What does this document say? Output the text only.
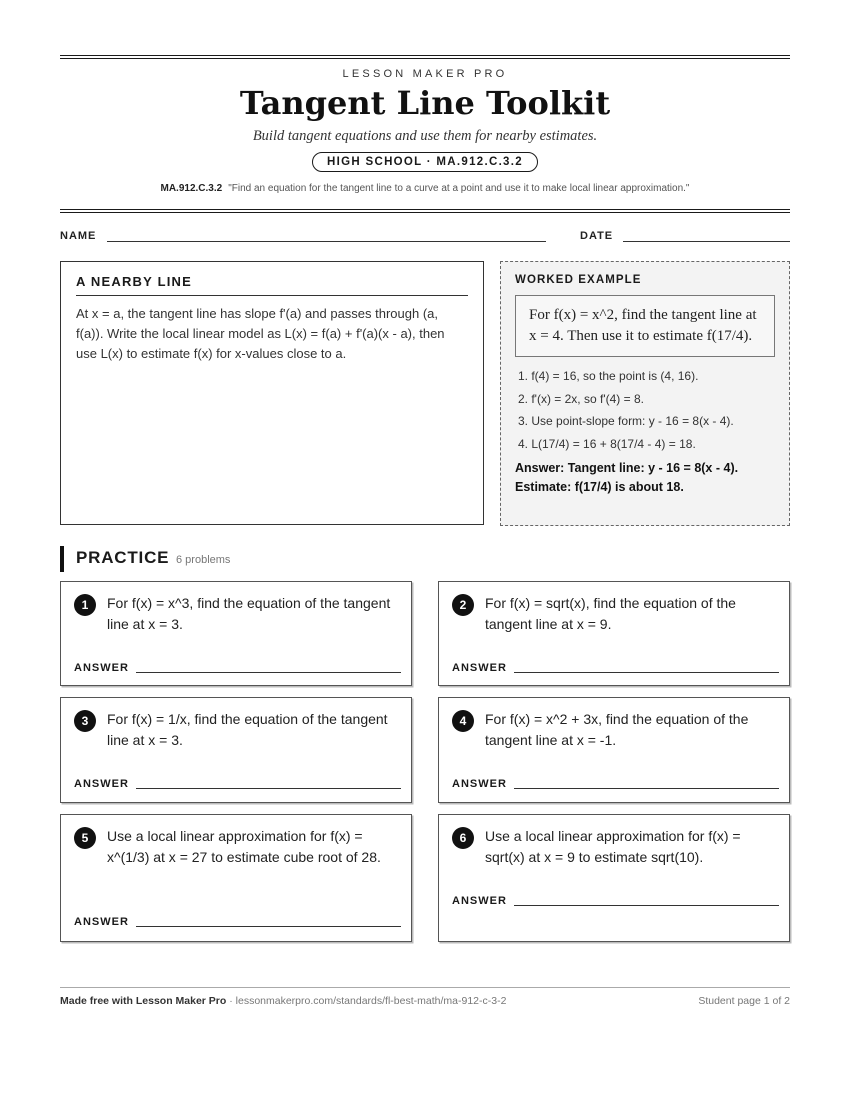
LESSON MAKER PRO
Tangent Line Toolkit
Build tangent equations and use them for nearby estimates.
HIGH SCHOOL · MA.912.C.3.2
MA.912.C.3.2 "Find an equation for the tangent line to a curve at a point and use it to make local linear approximation."
NAME	DATE
A NEARBY LINE
At x = a, the tangent line has slope f'(a) and passes through (a, f(a)). Write the local linear model as L(x) = f(a) + f'(a)(x - a), then use L(x) to estimate f(x) for x-values close to a.
WORKED EXAMPLE
For f(x) = x^2, find the tangent line at x = 4. Then use it to estimate f(17/4).
1. f(4) = 16, so the point is (4, 16).
2. f'(x) = 2x, so f'(4) = 8.
3. Use point-slope form: y - 16 = 8(x - 4).
4. L(17/4) = 16 + 8(17/4 - 4) = 18.
Answer: Tangent line: y - 16 = 8(x - 4).
Estimate: f(17/4) is about 18.
PRACTICE 6 problems
1	For f(x) = x^3, find the equation of the tangent line at x = 3.
ANSWER
2	For f(x) = sqrt(x), find the equation of the tangent line at x = 9.
ANSWER
3	For f(x) = 1/x, find the equation of the tangent line at x = 3.
ANSWER
4	For f(x) = x^2 + 3x, find the equation of the tangent line at x = -1.
ANSWER
5	Use a local linear approximation for f(x) = x^(1/3) at x = 27 to estimate cube root of 28.
ANSWER
6	Use a local linear approximation for f(x) = sqrt(x) at x = 9 to estimate sqrt(10).
ANSWER
Made free with Lesson Maker Pro · lessonmakerpro.com/standards/fl-best-math/ma-912-c-3-2	Student page 1 of 2
